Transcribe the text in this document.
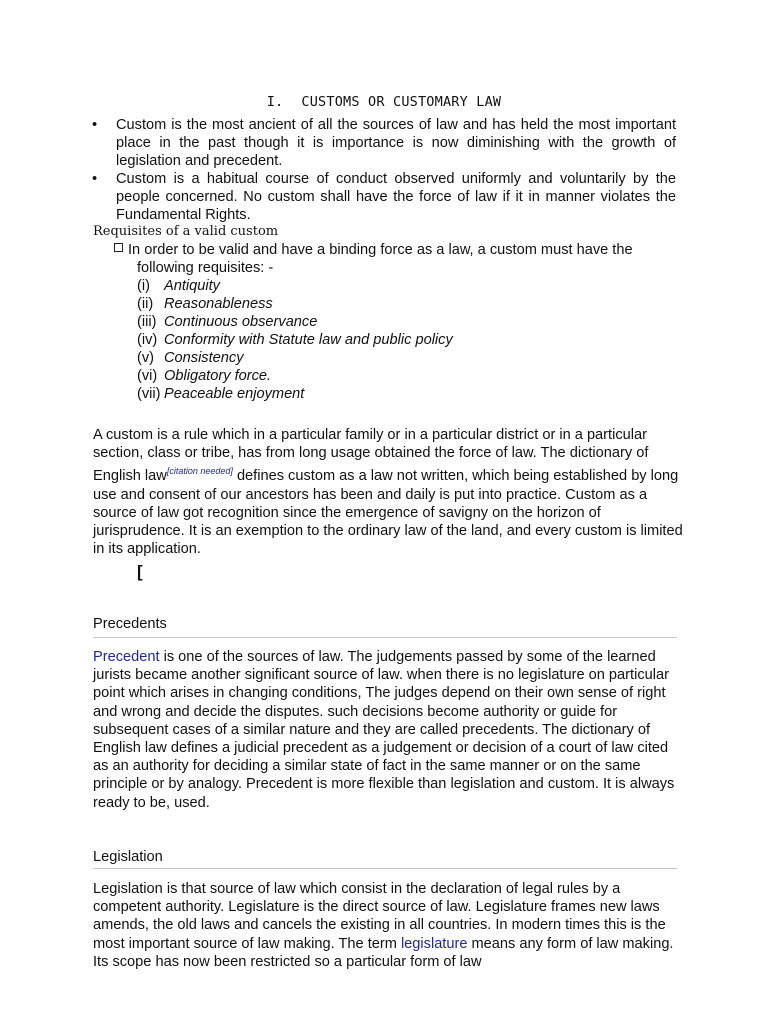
I. CUSTOMS OR CUSTOMARY LAW
• Custom is the most ancient of all the sources of law and has held the most important place in the past though it is importance is now diminishing with the growth of legislation and precedent.
• Custom is a habitual course of conduct observed uniformly and voluntarily by the people concerned. No custom shall have the force of law if it in manner violates the Fundamental Rights.
Requisites of a valid custom
In order to be valid and have a binding force as a law, a custom must have the
following requisites: -
(i) Antiquity
(ii) Reasonableness
(iii) Continuous observance
(iv) Conformity with Statute law and public policy
(v) Consistency
(vi) Obligatory force.
(vii) Peaceable enjoyment
A custom is a rule which in a particular family or in a particular district or in a particular section, class or tribe, has from long usage obtained the force of law. The dictionary of English law[citation needed] defines custom as a law not written, which being established by long use and consent of our ancestors has been and daily is put into practice. Custom as a source of law got recognition since the emergence of savigny on the horizon of jurisprudence. It is an exemption to the ordinary law of the land, and every custom is limited in its application.
[
Precedents
Precedent is one of the sources of law. The judgements passed by some of the learned jurists became another significant source of law. when there is no legislature on particular point which arises in changing conditions, The judges depend on their own sense of right and wrong and decide the disputes. such decisions become authority or guide for subsequent cases of a similar nature and they are called precedents. The dictionary of English law defines a judicial precedent as a judgement or decision of a court of law cited as an authority for deciding a similar state of fact in the same manner or on the same principle or by analogy. Precedent is more flexible than legislation and custom. It is always ready to be, used.
Legislation
Legislation is that source of law which consist in the declaration of legal rules by a competent authority. Legislature is the direct source of law. Legislature frames new laws amends, the old laws and cancels the existing in all countries. In modern times this is the most important source of law making. The term legislature means any form of law making. Its scope has now been restricted so a particular form of law
